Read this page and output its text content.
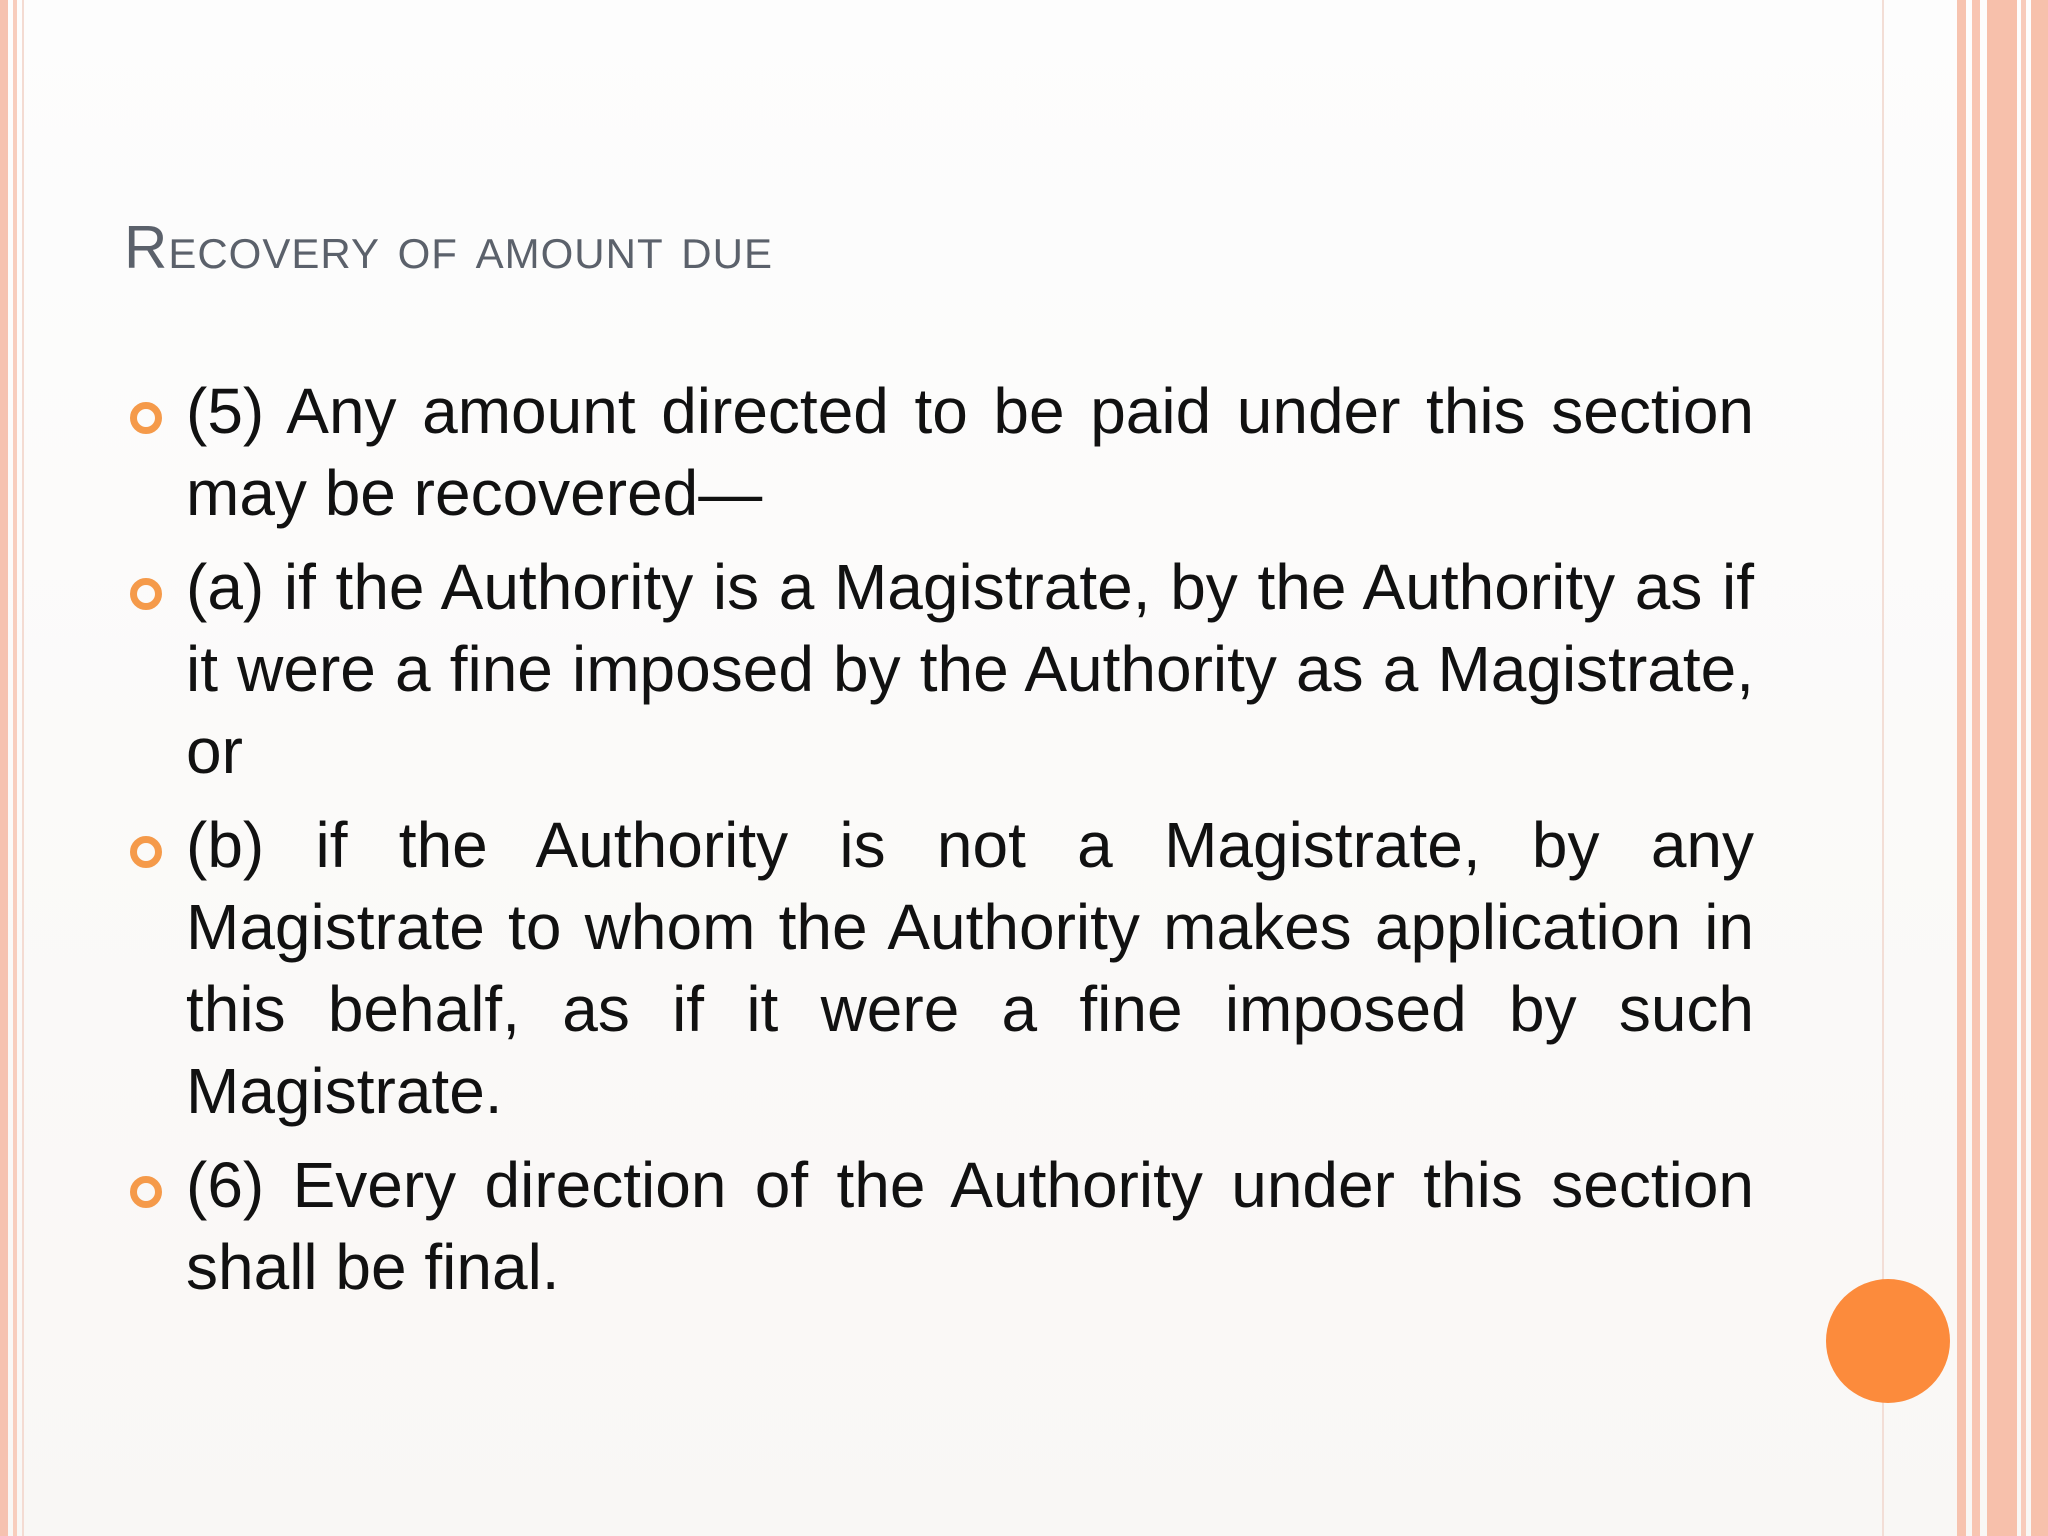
Recovery of amount due
(5) Any amount directed to be paid under this section may be recovered—
(a) if the Authority is a Magistrate, by the Authority as if it were a fine imposed by the Authority as a Magistrate, or
(b) if the Authority is not a Magistrate, by any Magistrate to whom the Authority makes application in this behalf, as if it were a fine imposed by such Magistrate.
(6) Every direction of the Authority under this section shall be final.
